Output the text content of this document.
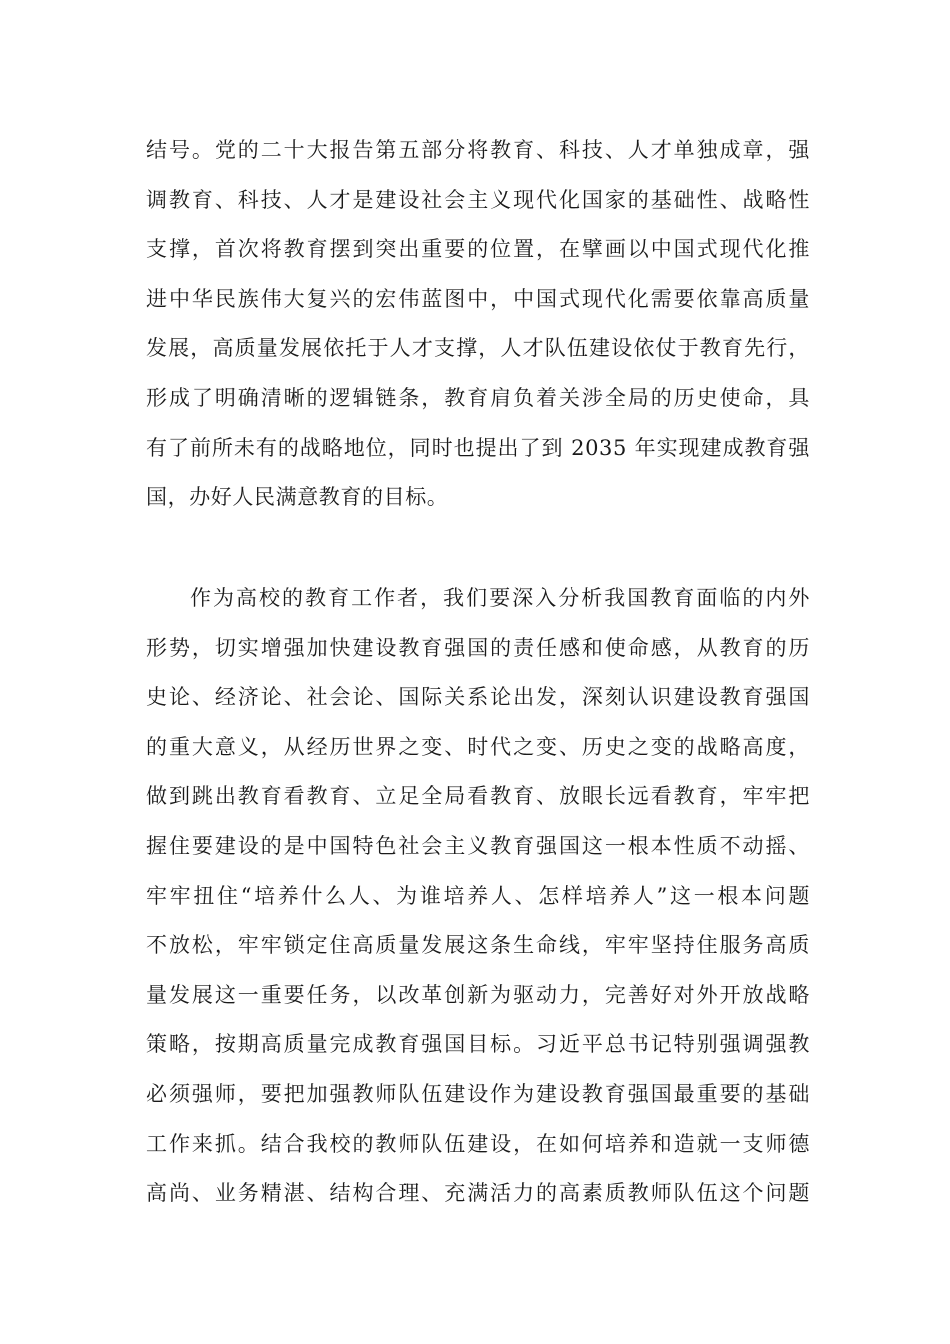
结号。党的二十大报告第五部分将教育、科技、人才单独成章，强
调教育、科技、人才是建设社会主义现代化国家的基础性、战略性
支撑，首次将教育摆到突出重要的位置，在擘画以中国式现代化推
进中华民族伟大复兴的宏伟蓝图中，中国式现代化需要依靠高质量
发展，高质量发展依托于人才支撑，人才队伍建设依仗于教育先行，
形成了明确清晰的逻辑链条，教育肩负着关涉全局的历史使命，具
有了前所未有的战略地位，同时也提出了到 2035 年实现建成教育强
国，办好人民满意教育的目标。
作为高校的教育工作者，我们要深入分析我国教育面临的内外
形势，切实增强加快建设教育强国的责任感和使命感，从教育的历
史论、经济论、社会论、国际关系论出发，深刻认识建设教育强国
的重大意义，从经历世界之变、时代之变、历史之变的战略高度，
做到跳出教育看教育、立足全局看教育、放眼长远看教育，牢牢把
握住要建设的是中国特色社会主义教育强国这一根本性质不动摇、
牢牢扭住“培养什么人、为谁培养人、怎样培养人”这一根本问题
不放松，牢牢锁定住高质量发展这条生命线，牢牢坚持住服务高质
量发展这一重要任务，以改革创新为驱动力，完善好对外开放战略
策略，按期高质量完成教育强国目标。习近平总书记特别强调强教
必须强师，要把加强教师队伍建设作为建设教育强国最重要的基础
工作来抓。结合我校的教师队伍建设，在如何培养和造就一支师德
高尚、业务精湛、结构合理、充满活力的高素质教师队伍这个问题
